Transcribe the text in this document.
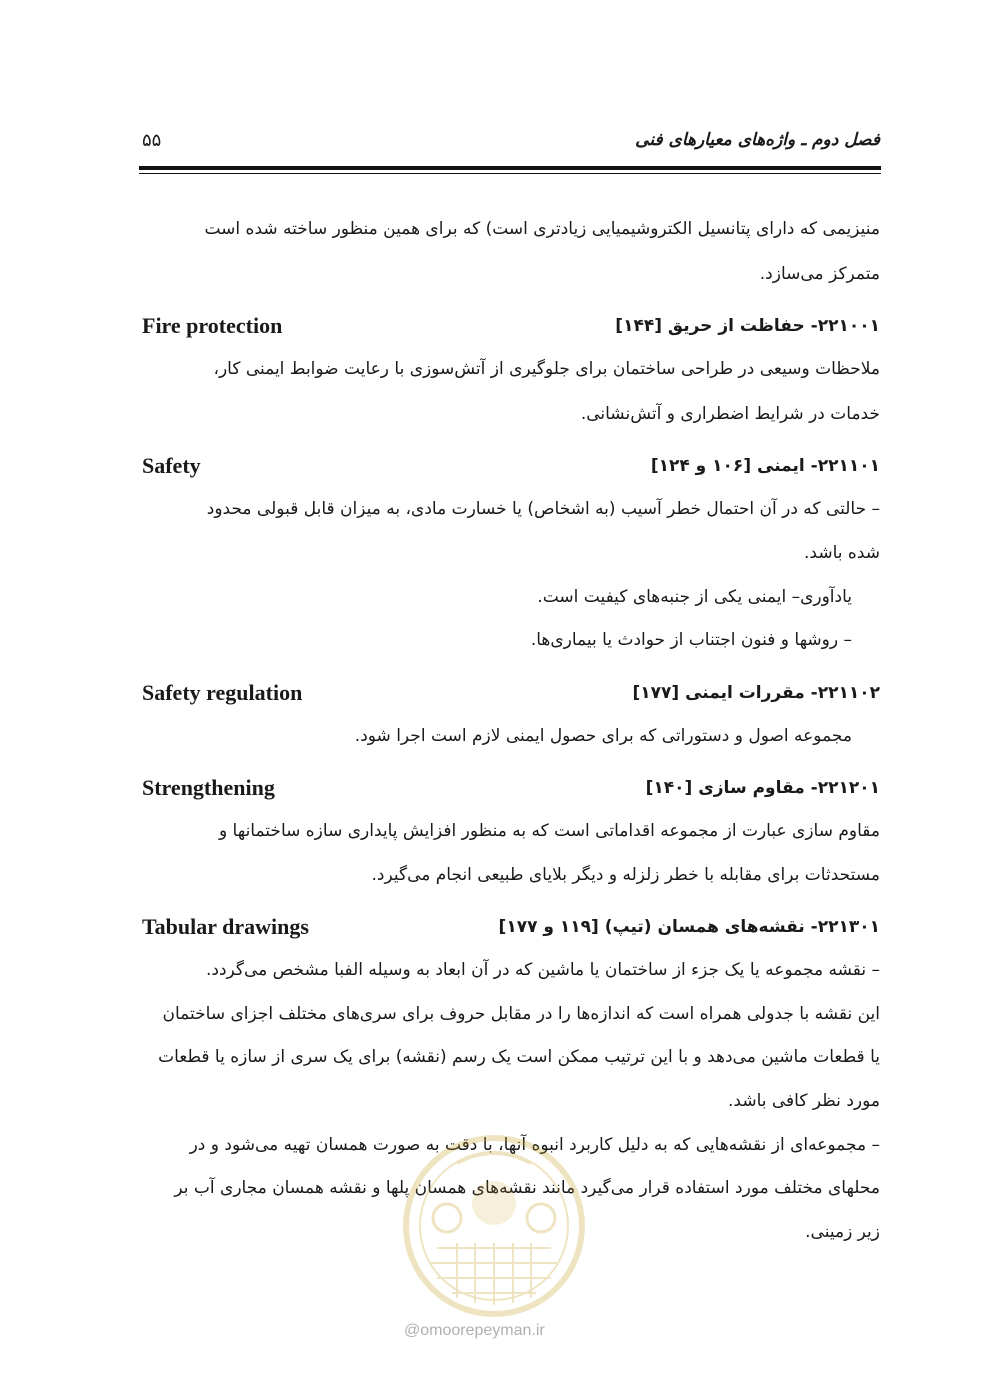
فصل دوم ـ واژه‌های معیارهای فنی
۵۵
منیزیمی که دارای پتانسیل الکتروشیمیایی زیادتری است) که برای همین منظور ساخته شده است
متمرکز می‌سازد.
۲۲۱۰۰۱- حفاظت از حریق [۱۴۴]
Fire protection
ملاحظات وسیعی در طراحی ساختمان برای جلوگیری از آتش‌سوزی با رعایت ضوابط ایمنی کار،
خدمات در شرایط اضطراری و آتش‌نشانی.
۲۲۱۱۰۱- ایمنی [۱۰۶ و ۱۲۴]
Safety
– حالتی که در آن احتمال خطر آسیب (به اشخاص) یا خسارت مادی، به میزان قابل قبولی محدود
شده باشد.
یادآوری– ایمنی یکی از جنبه‌های کیفیت است.
– روشها و فنون اجتناب از حوادث یا بیماری‌ها.
۲۲۱۱۰۲- مقررات ایمنی [۱۷۷]
Safety regulation
مجموعه اصول و دستوراتی که برای حصول ایمنی لازم است اجرا شود.
۲۲۱۲۰۱- مقاوم سازی [۱۴۰]
Strengthening
مقاوم سازی عبارت از مجموعه اقداماتی است که به منظور افزایش پایداری سازه ساختمانها و
مستحدثات برای مقابله با خطر زلزله و دیگر بلایای طبیعی انجام می‌گیرد.
۲۲۱۳۰۱- نقشه‌های همسان (تیپ) [۱۱۹ و ۱۷۷]
Tabular drawings
– نقشه مجموعه یا یک جزء از ساختمان یا ماشین که در آن ابعاد به وسیله الفبا مشخص می‌گردد.
این نقشه با جدولی همراه است که اندازه‌ها را در مقابل حروف برای سری‌های مختلف اجزای ساختمان
یا قطعات ماشین می‌دهد و با این ترتیب ممکن است یک رسم (نقشه) برای یک سری از سازه یا قطعات
مورد نظر کافی باشد.
– مجموعه‌ای از نقشه‌هایی که به دلیل کاربرد انبوه آنها، با دقت به صورت همسان تهیه می‌شود و در
محلهای مختلف مورد استفاده قرار می‌گیرد مانند نقشه‌های همسان پلها و نقشه همسان مجاری آب بر
زیر زمینی.
@omoorepeyman.ir
